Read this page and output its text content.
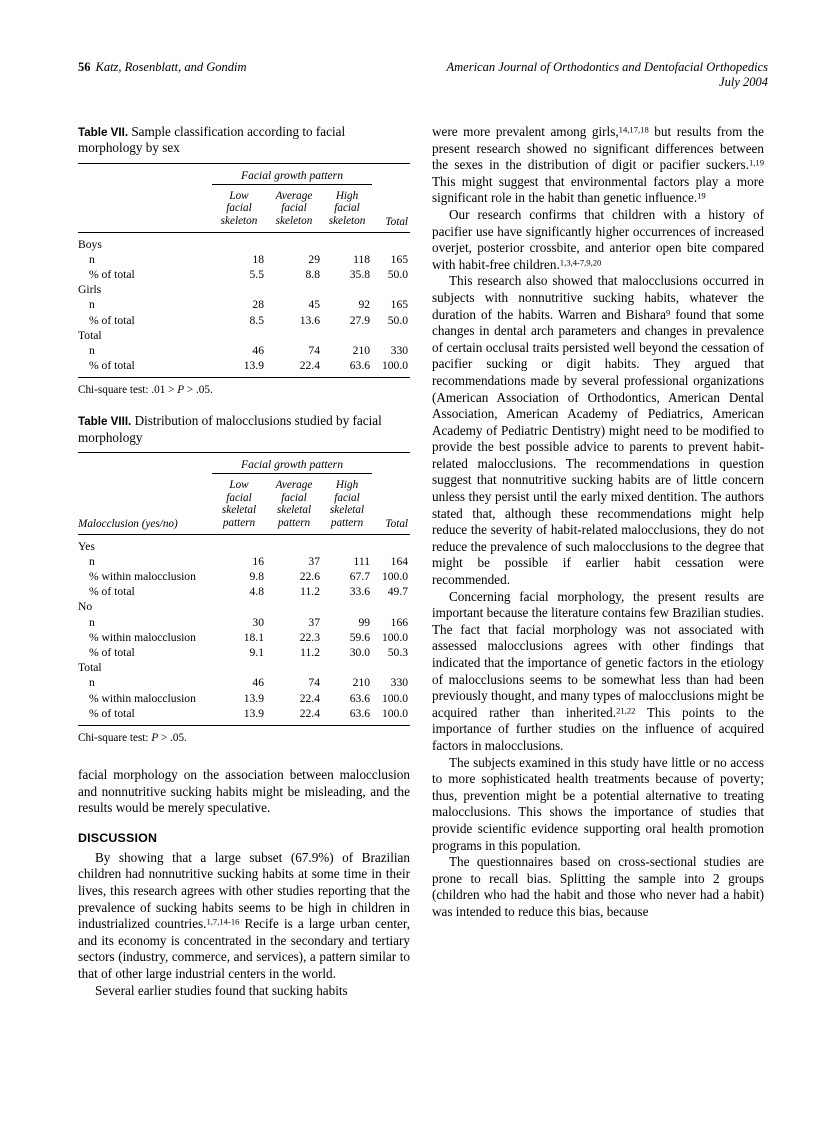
56 Katz, Rosenblatt, and Gondim	American Journal of Orthodontics and Dentofacial Orthopedics
July 2004
Table VII. Sample classification according to facial morphology by sex
	Facial growth pattern			
	Low
facial
skeleton	Average
facial
skeleton	High
facial
skeleton	Total
Boys				
n	18	29	118	165
% of total	5.5	8.8	35.8	50.0
Girls				
n	28	45	92	165
% of total	8.5	13.6	27.9	50.0
Total				
n	46	74	210	330
% of total	13.9	22.4	63.6	100.0
Chi-square test: .01 > P > .05.
Table VIII. Distribution of malocclusions studied by facial morphology
	Facial growth pattern			
Malocclusion (yes/no)	Low
facial
skeletal
pattern	Average
facial
skeletal
pattern	High
facial
skeletal
pattern	Total
Yes				
n	16	37	111	164
% within malocclusion	9.8	22.6	67.7	100.0
% of total	4.8	11.2	33.6	49.7
No				
n	30	37	99	166
% within malocclusion	18.1	22.3	59.6	100.0
% of total	9.1	11.2	30.0	50.3
Total				
n	46	74	210	330
% within malocclusion	13.9	22.4	63.6	100.0
% of total	13.9	22.4	63.6	100.0
Chi-square test: P > .05.

facial morphology on the association between malocclusion and nonnutritive sucking habits might be misleading, and the results would be merely speculative.

DISCUSSION

By showing that a large subset (67.9%) of Brazilian children had nonnutritive sucking habits at some time in their lives, this research agrees with other studies reporting that the prevalence of sucking habits seems to be high in children in industrialized countries.$^{1,7,14-16}$ Recife is a large urban center, and its economy is concentrated in the secondary and tertiary sectors (industry, commerce, and services), a pattern similar to that of other large industrial centers in the world.

Several earlier studies found that sucking habits

were more prevalent among girls,$^{14,17,18}$ but results from the present research showed no significant differences between the sexes in the distribution of digit or pacifier suckers.$^{1,19}$ This might suggest that environmental factors play a more significant role in the habit than genetic influence.$^{19}$

Our research confirms that children with a history of pacifier use have significantly higher occurrences of increased overjet, posterior crossbite, and anterior open bite compared with habit-free children.$^{1,3,4-7,9,20}$

This research also showed that malocclusions occurred in subjects with nonnutritive sucking habits, whatever the duration of the habits. Warren and Bishara$^9$ found that some changes in dental arch parameters and changes in prevalence of certain occlusal traits persisted well beyond the cessation of pacifier sucking or digit habits. They argued that recommendations made by several professional organizations (American Association of Orthodontics, American Dental Association, American Academy of Pediatrics, American Academy of Pediatric Dentistry) might need to be modified to provide the best possible advice to parents to prevent habit-related malocclusions. The recommendations in question suggest that nonnutritive sucking habits are of little concern unless they persist until the early mixed dentition. The authors stated that, although these recommendations might help reduce the severity of habit-related malocclusions, they do not reduce the prevalence of such malocclusions to the degree that might be possible if earlier habit cessation were recommended.

Concerning facial morphology, the present results are important because the literature contains few Brazilian studies. The fact that facial morphology was not associated with assessed malocclusions agrees with other findings that indicated that the importance of genetic factors in the etiology of malocclusions seems to be somewhat less than had been previously thought, and many types of malocclusions might be acquired rather than inherited.$^{21,22}$ This points to the importance of further studies on the influence of acquired factors in malocclusions.

The subjects examined in this study have little or no access to more sophisticated health treatments because of poverty; thus, prevention might be a potential alternative to treating malocclusions. This shows the importance of studies that provide scientific evidence supporting oral health promotion programs in this population.

The questionnaires based on cross-sectional studies are prone to recall bias. Splitting the sample into 2 groups (children who had the habit and those who never had a habit) was intended to reduce this bias, because
